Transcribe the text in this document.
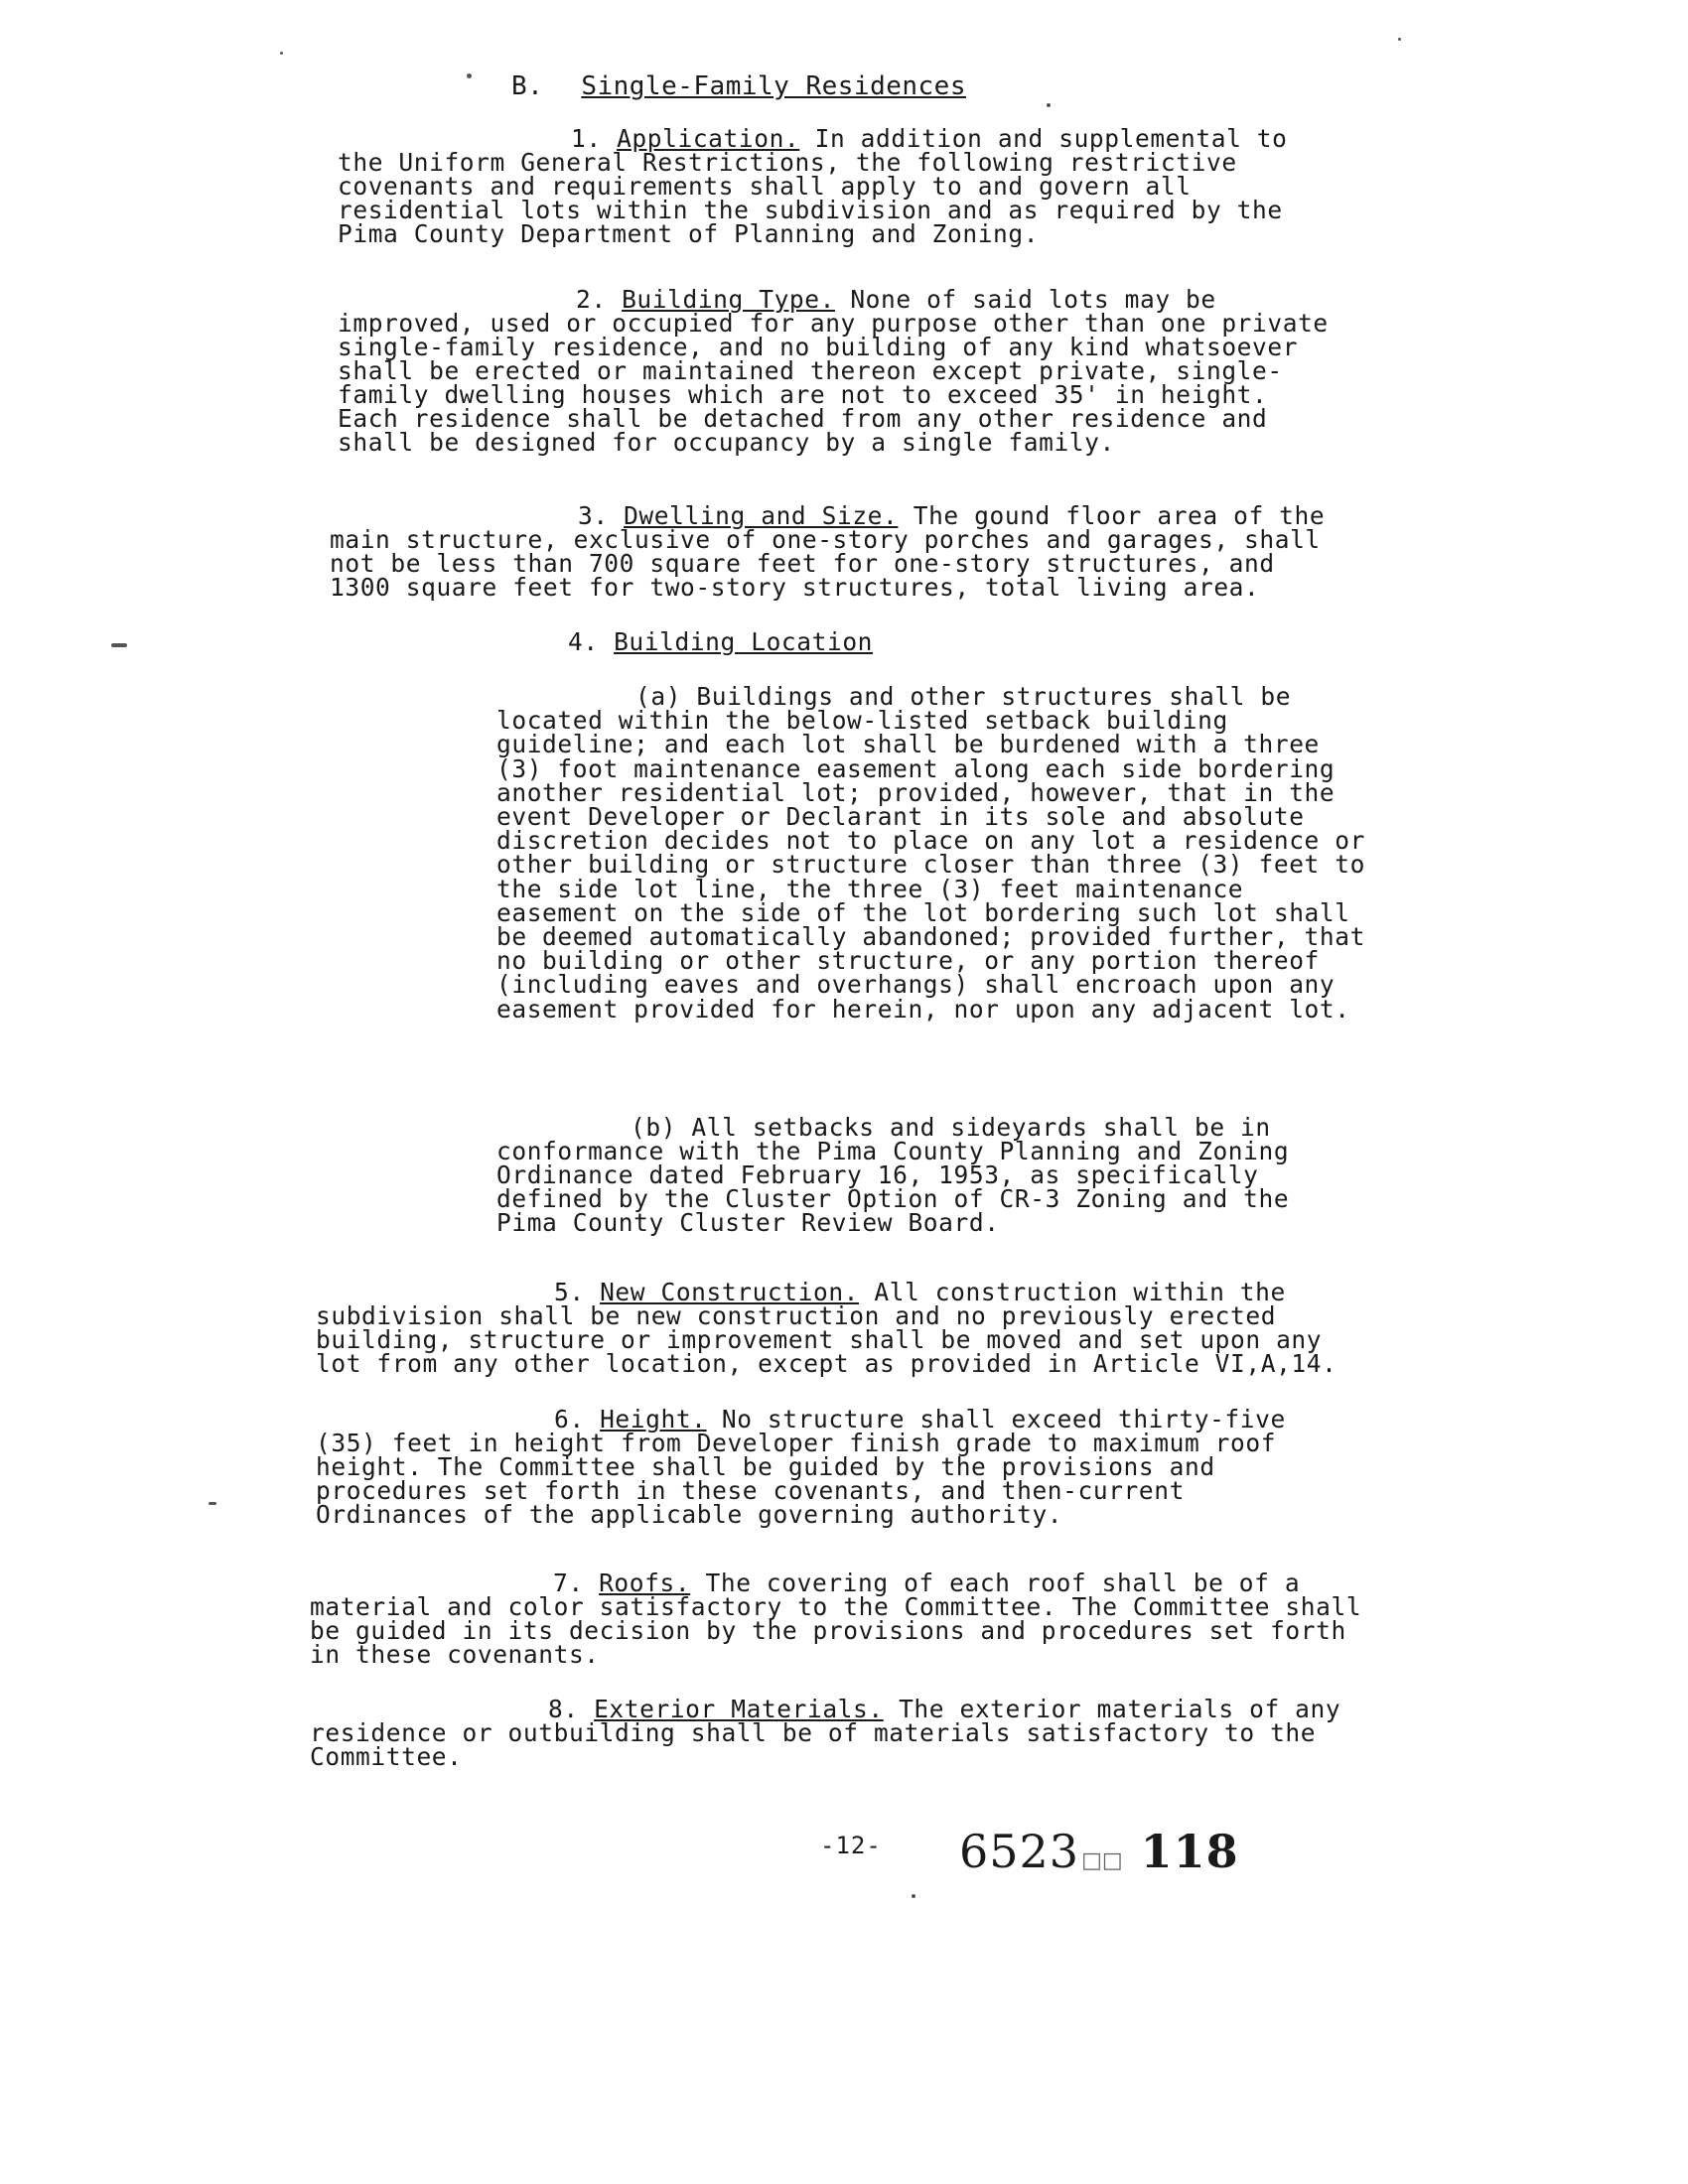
B. Single-Family Residences
1. Application. In addition and supplemental to the Uniform General Restrictions, the following restrictive covenants and requirements shall apply to and govern all residential lots within the subdivision and as required by the Pima County Department of Planning and Zoning.
2. Building Type. None of said lots may be improved, used or occupied for any purpose other than one private single-family residence, and no building of any kind whatsoever shall be erected or maintained thereon except private, single-family dwelling houses which are not to exceed 35' in height. Each residence shall be detached from any other residence and shall be designed for occupancy by a single family.
3. Dwelling and Size. The gound floor area of the main structure, exclusive of one-story porches and garages, shall not be less than 700 square feet for one-story structures, and 1300 square feet for two-story structures, total living area.
4. Building Location
(a) Buildings and other structures shall be located within the below-listed setback building guideline; and each lot shall be burdened with a three (3) foot maintenance easement along each side bordering another residential lot; provided, however, that in the event Developer or Declarant in its sole and absolute discretion decides not to place on any lot a residence or other building or structure closer than three (3) feet to the side lot line, the three (3) feet maintenance easement on the side of the lot bordering such lot shall be deemed automatically abandoned; provided further, that no building or other structure, or any portion thereof (including eaves and overhangs) shall encroach upon any easement provided for herein, nor upon any adjacent lot.
(b) All setbacks and sideyards shall be in conformance with the Pima County Planning and Zoning Ordinance dated February 16, 1953, as specifically defined by the Cluster Option of CR-3 Zoning and the Pima County Cluster Review Board.
5. New Construction. All construction within the subdivision shall be new construction and no previously erected building, structure or improvement shall be moved and set upon any lot from any other location, except as provided in Article VI,A,14.
6. Height. No structure shall exceed thirty-five (35) feet in height from Developer finish grade to maximum roof height. The Committee shall be guided by the provisions and procedures set forth in these covenants, and then-current Ordinances of the applicable governing authority.
7. Roofs. The covering of each roof shall be of a material and color satisfactory to the Committee. The Committee shall be guided in its decision by the provisions and procedures set forth in these covenants.
8. Exterior Materials. The exterior materials of any residence or outbuilding shall be of materials satisfactory to the Committee.
-12- 6523□□ 118
